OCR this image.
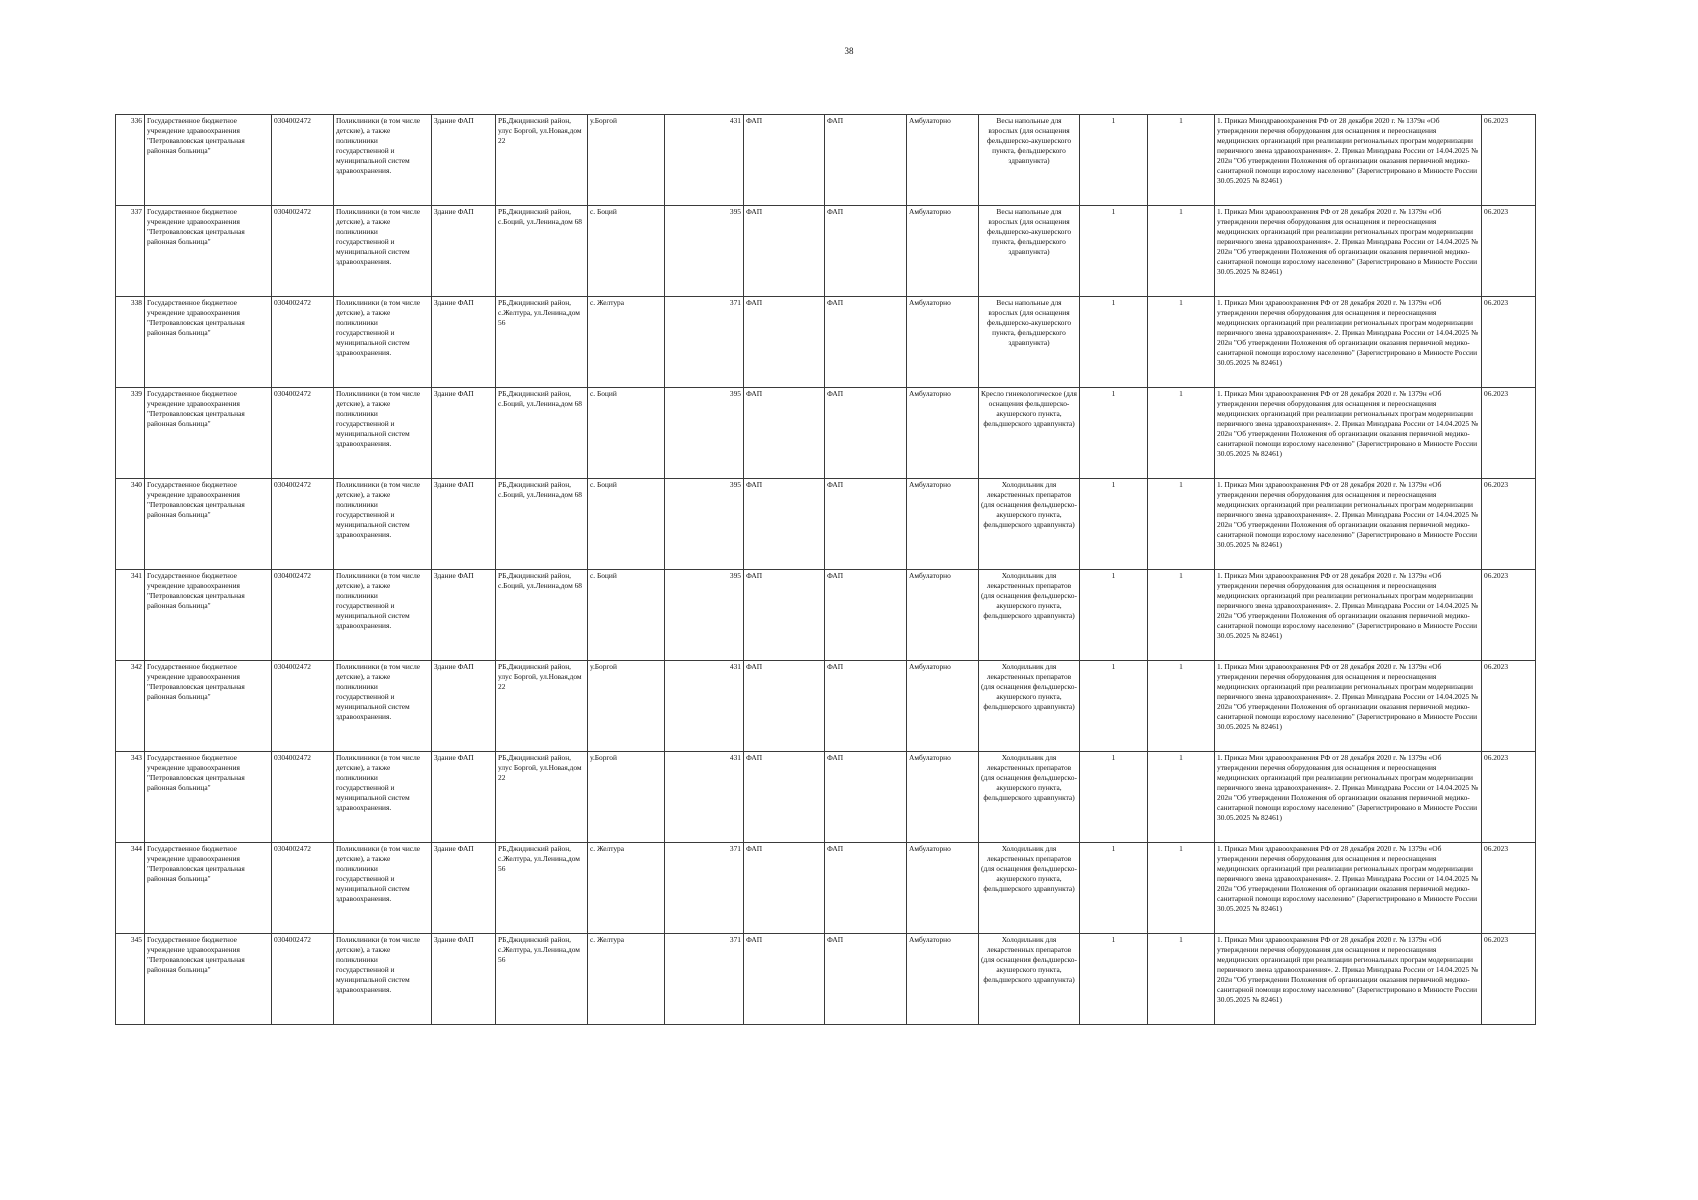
38
336	Государственное бюджетное учреждение здравоохранения "Петровавловская центральная районная больница"	0304002472	Поликлиники (в том числе детские), а также поликлиники государственной и муниципальной систем здравоохранения.	Здание ФАП	РБ,Джидинский район, улус Боргой, ул.Новая,дом 22	у.Боргой	431	ФАП	ФАП	Амбулаторно	Весы напольные для взрослых (для оснащения фельдшерско-акушерского пункта, фельдшерского здравпункта)	1	1	1. Приказ Минздравоохранения РФ от 28 декабря 2020 г. № 1379н «Об утверждении перечня оборудования для оснащения и переоснащения медицинских организаций при реализации региональных програм модернизации первичного звена здравоохранения». 2. Приказ Минздрава России от 14.04.2025 № 202н "Об утверждении Положения об организации оказания первичной медико-санитарной помощи взрослому населению" (Зарегистрировано в Минюсте России 30.05.2025 № 82461)	06.2023
337	Государственное бюджетное учреждение здравоохранения "Петровавловская центральная районная больница"	0304002472	Поликлиники (в том числе детские), а также поликлиники государственной и муниципальной систем здравоохранения.	Здание ФАП	РБ,Джидинский район, с.Боций, ул.Ленина,дом 68	с. Боций	395	ФАП	ФАП	Амбулаторно	Весы напольные для взрослых (для оснащения фельдшерско-акушерского пункта, фельдшерского здравпункта)	1	1	1. Приказ Мин здравоохранения РФ от 28 декабря 2020 г. № 1379н «Об утверждении перечня оборудования для оснащения и переоснащения медицинских организаций при реализации региональных програм модернизации первичного звена здравоохранения». 2. Приказ Минздрава России от 14.04.2025 № 202н "Об утверждении Положения об организации оказания первичной медико-санитарной помощи взрослому населению" (Зарегистрировано в Минюсте России 30.05.2025 № 82461)	06.2023
338	Государственное бюджетное учреждение здравоохранения "Петровавловская центральная районная больница"	0304002472	Поликлиники (в том числе детские), а также поликлиники государственной и муниципальной систем здравоохранения.	Здание ФАП	РБ,Джидинский район, с.Желтура, ул.Ленина,дом 56	с. Желтура	371	ФАП	ФАП	Амбулаторно	Весы напольные для взрослых (для оснащения фельдшерско-акушерского пункта, фельдшерского здравпункта)	1	1	1. Приказ Мин здравоохранения РФ от 28 декабря 2020 г. № 1379н «Об утверждении перечня оборудования для оснащения и переоснащения медицинских организаций при реализации региональных програм модернизации первичного звена здравоохранения». 2. Приказ Минздрава России от 14.04.2025 № 202н "Об утверждении Положения об организации оказания первичной медико-санитарной помощи взрослому населению" (Зарегистрировано в Минюсте России 30.05.2025 № 82461)	06.2023
339	Государственное бюджетное учреждение здравоохранения "Петровавловская центральная районная больница"	0304002472	Поликлиники (в том числе детские), а также поликлиники государственной и муниципальной систем здравоохранения.	Здание ФАП	РБ,Джидинский район, с.Боций, ул.Ленина,дом 68	с. Боций	395	ФАП	ФАП	Амбулаторно	Кресло гинекологическое (для оснащения фельдшерско-акушерского пункта, фельдшерского здравпункта)	1	1	1. Приказ Мин здравоохранения РФ от 28 декабря 2020 г. № 1379н «Об утверждении перечня оборудования для оснащения и переоснащения медицинских организаций при реализации региональных програм модернизации первичного звена здравоохранения». 2. Приказ Минздрава России от 14.04.2025 № 202н "Об утверждении Положения об организации оказания первичной медико-санитарной помощи взрослому населению" (Зарегистрировано в Минюсте России 30.05.2025 № 82461)	06.2023
340	Государственное бюджетное учреждение здравоохранения "Петровавловская центральная районная больница"	0304002472	Поликлиники (в том числе детские), а также поликлиники государственной и муниципальной систем здравоохранения.	Здание ФАП	РБ,Джидинский район, с.Боций, ул.Ленина,дом 68	с. Боций	395	ФАП	ФАП	Амбулаторно	Холодильник для лекарственных препаратов (для оснащения фельдшерско-акушерского пункта, фельдшерского здравпункта)	1	1	1. Приказ Мин здравоохранения РФ от 28 декабря 2020 г. № 1379н «Об утверждении перечня оборудования для оснащения и переоснащения медицинских организаций при реализации региональных програм модернизации первичного звена здравоохранения». 2. Приказ Минздрава России от 14.04.2025 № 202н "Об утверждении Положения об организации оказания первичной медико-санитарной помощи взрослому населению" (Зарегистрировано в Минюсте России 30.05.2025 № 82461)	06.2023
341	Государственное бюджетное учреждение здравоохранения "Петровавловская центральная районная больница"	0304002472	Поликлиники (в том числе детские), а также поликлиники государственной и муниципальной систем здравоохранения.	Здание ФАП	РБ,Джидинский район, с.Боций, ул.Ленина,дом 68	с. Боций	395	ФАП	ФАП	Амбулаторно	Холодильник для лекарственных препаратов (для оснащения фельдшерско-акушерского пункта, фельдшерского здравпункта)	1	1	1. Приказ Мин здравоохранения РФ от 28 декабря 2020 г. № 1379н «Об утверждении перечня оборудования для оснащения и переоснащения медицинских организаций при реализации региональных програм модернизации первичного звена здравоохранения». 2. Приказ Минздрава России от 14.04.2025 № 202н "Об утверждении Положения об организации оказания первичной медико-санитарной помощи взрослому населению" (Зарегистрировано в Минюсте России 30.05.2025 № 82461)	06.2023
342	Государственное бюджетное учреждение здравоохранения "Петровавловская центральная районная больница"	0304002472	Поликлиники (в том числе детские), а также поликлиники государственной и муниципальной систем здравоохранения.	Здание ФАП	РБ,Джидинский район, улус Боргой, ул.Новая,дом 22	у.Боргой	431	ФАП	ФАП	Амбулаторно	Холодильник для лекарственных препаратов (для оснащения фельдшерско-акушерского пункта, фельдшерского здравпункта)	1	1	1. Приказ Мин здравоохранения РФ от 28 декабря 2020 г. № 1379н «Об утверждении перечня оборудования для оснащения и переоснащения медицинских организаций при реализации региональных програм модернизации первичного звена здравоохранения». 2. Приказ Минздрава России от 14.04.2025 № 202н "Об утверждении Положения об организации оказания первичной медико-санитарной помощи взрослому населению" (Зарегистрировано в Минюсте России 30.05.2025 № 82461)	06.2023
343	Государственное бюджетное учреждение здравоохранения "Петровавловская центральная районная больница"	0304002472	Поликлиники (в том числе детские), а также поликлиники государственной и муниципальной систем здравоохранения.	Здание ФАП	РБ,Джидинский район, улус Боргой, ул.Новая,дом 22	у.Боргой	431	ФАП	ФАП	Амбулаторно	Холодильник для лекарственных препаратов (для оснащения фельдшерско-акушерского пункта, фельдшерского здравпункта)	1	1	1. Приказ Мин здравоохранения РФ от 28 декабря 2020 г. № 1379н «Об утверждении перечня оборудования для оснащения и переоснащения медицинских организаций при реализации региональных програм модернизации первичного звена здравоохранения». 2. Приказ Минздрава России от 14.04.2025 № 202н "Об утверждении Положения об организации оказания первичной медико-санитарной помощи взрослому населению" (Зарегистрировано в Минюсте России 30.05.2025 № 82461)	06.2023
344	Государственное бюджетное учреждение здравоохранения "Петровавловская центральная районная больница"	0304002472	Поликлиники (в том числе детские), а также поликлиники государственной и муниципальной систем здравоохранения.	Здание ФАП	РБ,Джидинский район, с.Желтура, ул.Ленина,дом 56	с. Желтура	371	ФАП	ФАП	Амбулаторно	Холодильник для лекарственных препаратов (для оснащения фельдшерско-акушерского пункта, фельдшерского здравпункта)	1	1	1. Приказ Мин здравоохранения РФ от 28 декабря 2020 г. № 1379н «Об утверждении перечня оборудования для оснащения и переоснащения медицинских организаций при реализации региональных програм модернизации первичного звена здравоохранения». 2. Приказ Минздрава России от 14.04.2025 № 202н "Об утверждении Положения об организации оказания первичной медико-санитарной помощи взрослому населению" (Зарегистрировано в Минюсте России 30.05.2025 № 82461)	06.2023
345	Государственное бюджетное учреждение здравоохранения "Петровавловская центральная районная больница"	0304002472	Поликлиники (в том числе детские), а также поликлиники государственной и муниципальной систем здравоохранения.	Здание ФАП	РБ,Джидинский район, с.Желтура, ул.Ленина,дом 56	с. Желтура	371	ФАП	ФАП	Амбулаторно	Холодильник для лекарственных препаратов (для оснащения фельдшерско-акушерского пункта, фельдшерского здравпункта)	1	1	1. Приказ Мин здравоохранения РФ от 28 декабря 2020 г. № 1379н «Об утверждении перечня оборудования для оснащения и переоснащения медицинских организаций при реализации региональных програм модернизации первичного звена здравоохранения». 2. Приказ Минздрава России от 14.04.2025 № 202н "Об утверждении Положения об организации оказания первичной медико-санитарной помощи взрослому населению" (Зарегистрировано в Минюсте России 30.05.2025 № 82461)	06.2023
